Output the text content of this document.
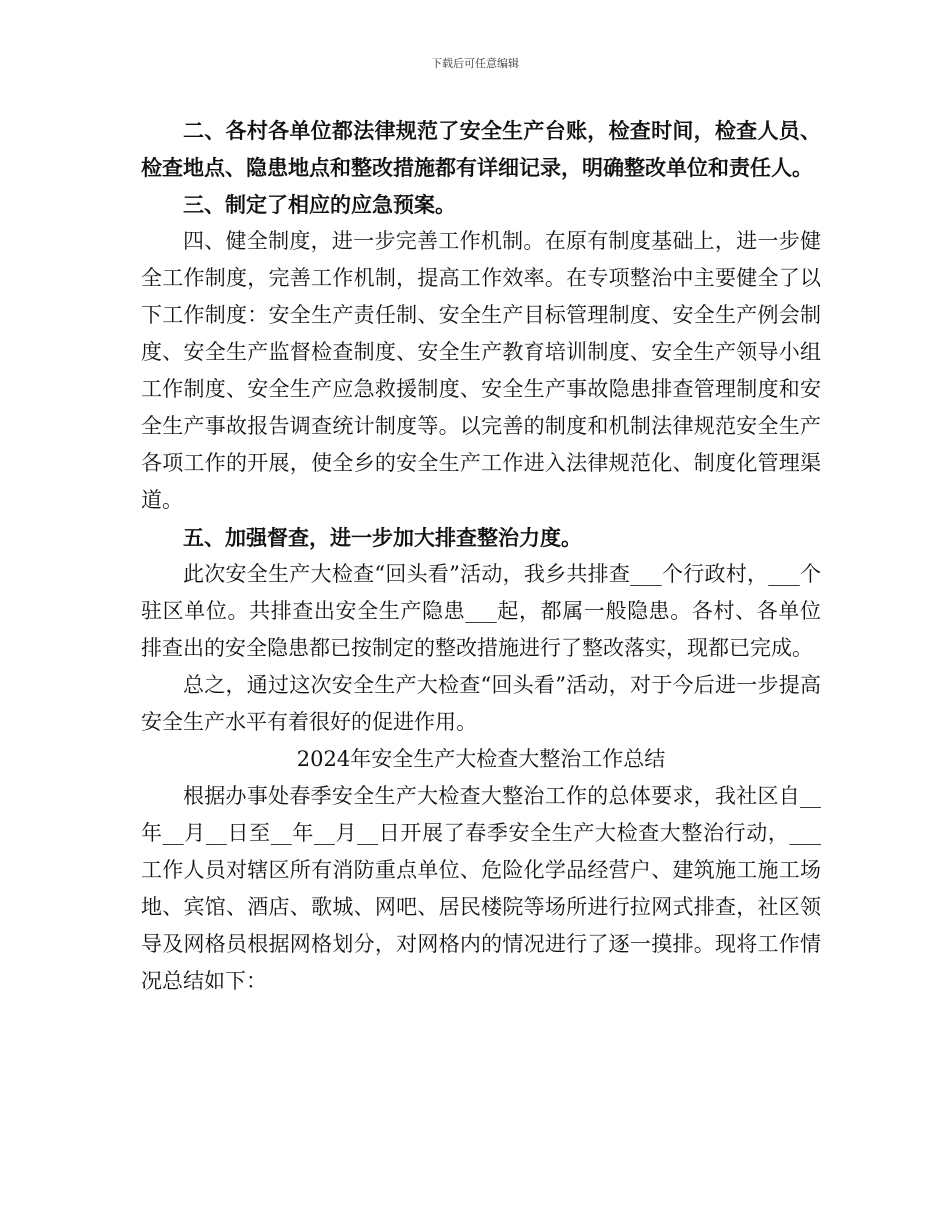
下载后可任意编辑

二、各村各单位都法律规范了安全生产台账，检查时间，检查人员、检查地点、隐患地点和整改措施都有详细记录，明确整改单位和责任人。

三、制定了相应的应急预案。

四、健全制度，进一步完善工作机制。在原有制度基础上，进一步健全工作制度，完善工作机制，提高工作效率。在专项整治中主要健全了以下工作制度：安全生产责任制、安全生产目标管理制度、安全生产例会制度、安全生产监督检查制度、安全生产教育培训制度、安全生产领导小组工作制度、安全生产应急救援制度、安全生产事故隐患排查管理制度和安全生产事故报告调查统计制度等。以完善的制度和机制法律规范安全生产各项工作的开展，使全乡的安全生产工作进入法律规范化、制度化管理渠道。

五、加强督查，进一步加大排查整治力度。

此次安全生产大检查“回头看”活动，我乡共排查___个行政村，___个驻区单位。共排查出安全生产隐患___起，都属一般隐患。各村、各单位排查出的安全隐患都已按制定的整改措施进行了整改落实，现都已完成。

总之，通过这次安全生产大检查“回头看”活动，对于今后进一步提高安全生产水平有着很好的促进作用。

2024年安全生产大检查大整治工作总结

根据办事处春季安全生产大检查大整治工作的总体要求，我社区自__年__月__日至__年__月__日开展了春季安全生产大检查大整治行动，___工作人员对辖区所有消防重点单位、危险化学品经营户、建筑施工施工场地、宾馆、酒店、歌城、网吧、居民楼院等场所进行拉网式排查，社区领导及网格员根据网格划分，对网格内的情况进行了逐一摸排。现将工作情况总结如下：
